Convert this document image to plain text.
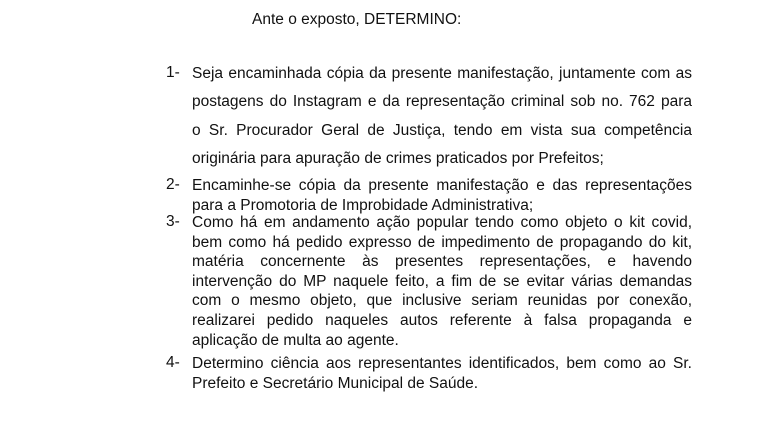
Ante o exposto, DETERMINO:

1- Seja encaminhada cópia da presente manifestação, juntamente com as
postagens do Instagram e da representação criminal sob no. 762 para
o Sr. Procurador Geral de Justiça, tendo em vista sua competência
originária para apuração de crimes praticados por Prefeitos;
2- Encaminhe-se cópia da presente manifestação e das representações
para a Promotoria de Improbidade Administrativa;
3- Como há em andamento ação popular tendo como objeto o kit covid,
bem como há pedido expresso de impedimento de propagando do kit,
matéria concernente às presentes representações, e havendo
intervenção do MP naquele feito, a fim de se evitar várias demandas
com o mesmo objeto, que inclusive seriam reunidas por conexão,
realizarei pedido naqueles autos referente à falsa propaganda e
aplicação de multa ao agente.
4- Determino ciência aos representantes identificados, bem como ao Sr.
Prefeito e Secretário Municipal de Saúde.
